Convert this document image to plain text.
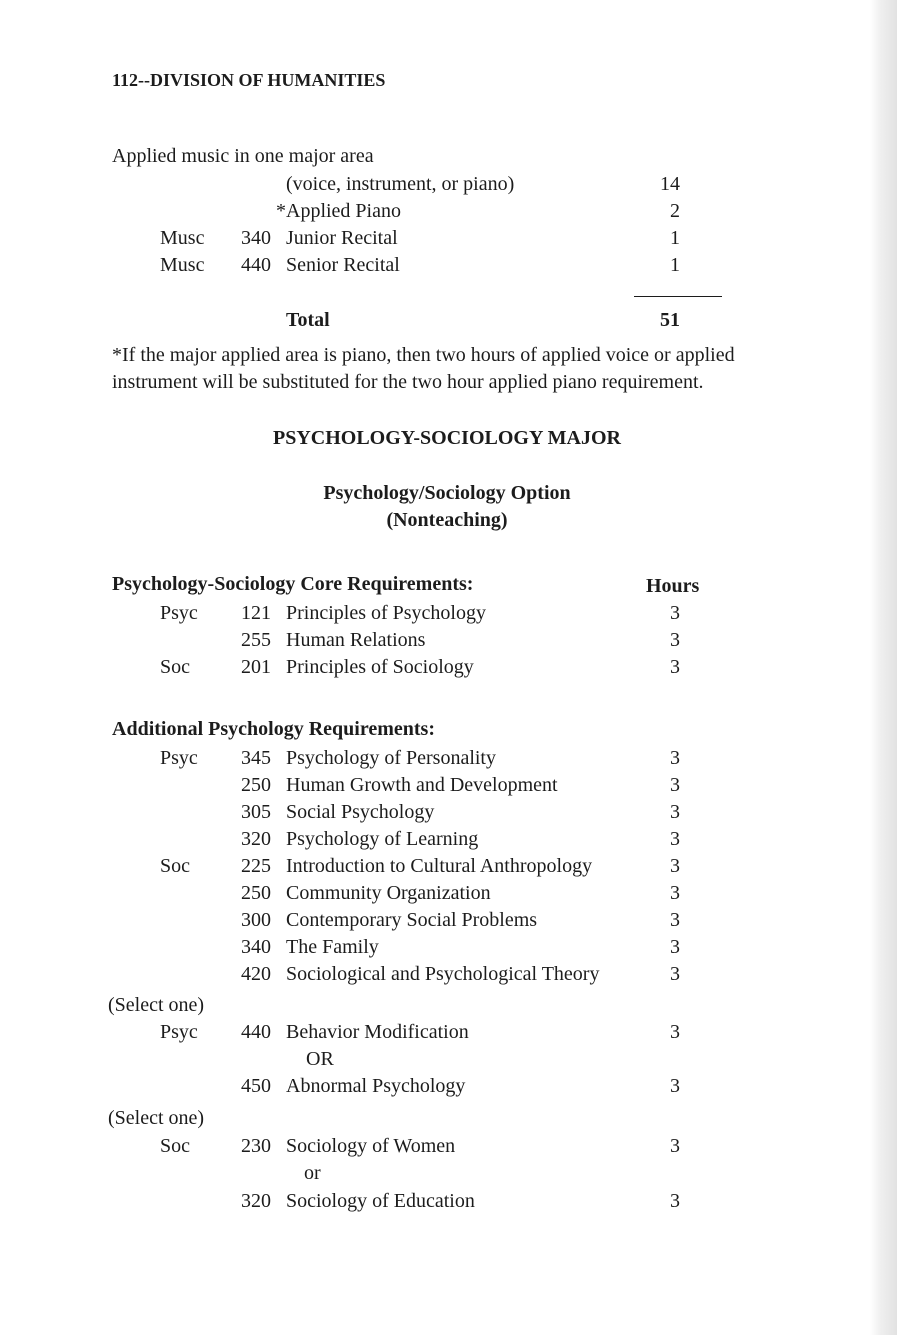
112--DIVISION OF HUMANITIES
Applied music in one major area
(voice, instrument, or piano)	14
*Applied Piano	2
Musc 340 Junior Recital	1
Musc 440 Senior Recital	1
Total	51
*If the major applied area is piano, then two hours of applied voice or applied
instrument will be substituted for the two hour applied piano requirement.
PSYCHOLOGY-SOCIOLOGY MAJOR
Psychology/Sociology Option
(Nonteaching)
Psychology-Sociology Core Requirements:	Hours
Psyc 121 Principles of Psychology	3
255 Human Relations	3
Soc	201 Principles of Sociology	3
Additional Psychology Requirements:
Psyc 345 Psychology of Personality	3
250 Human Growth and Development	3
305 Social Psychology	3
320 Psychology of Learning	3
Soc	225 Introduction to Cultural Anthropology	3
250 Community Organization	3
300 Contemporary Social Problems	3
340 The Family	3
420 Sociological and Psychological Theory	3
(Select one)
Psyc 440 Behavior Modification	3
OR
450 Abnormal Psychology	3
(Select one)
Soc	230 Sociology of Women	3
or
320 Sociology of Education	3
